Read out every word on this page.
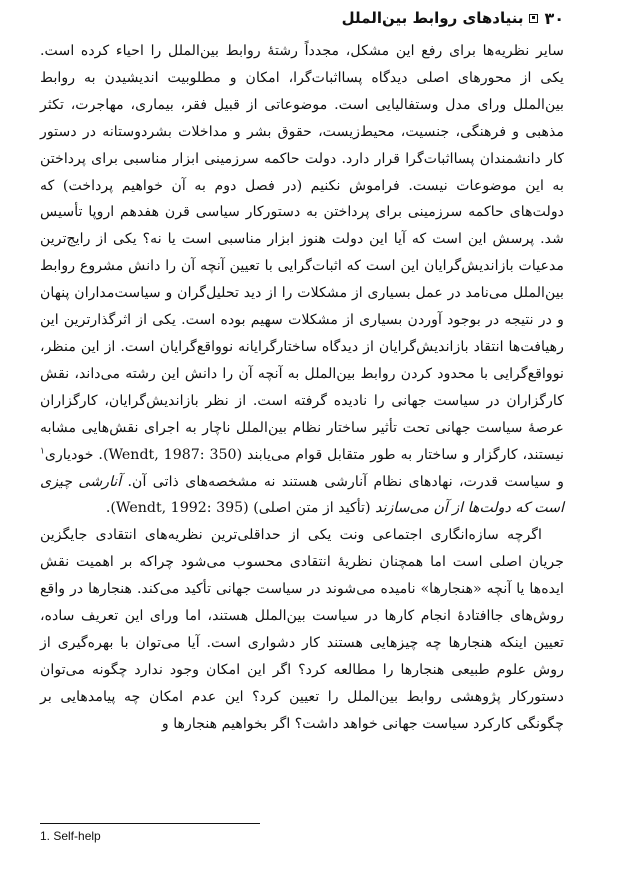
۳۰
بنیادهای روابط بین‌الملل

سایر نظریه‌ها برای رفع این مشکل، مجدداً رشتهٔ روابط بین‌الملل را احیاء کرده است. یکی از محورهای اصلی دیدگاه پسااثبات‌گرا، امکان و مطلوبیت اندیشیدن به روابط بین‌الملل ورای مدل وستفالیایی است. موضوعاتی از قبیل فقر، بیماری، مهاجرت، تکثر مذهبی و فرهنگی، جنسیت، محیط‌زیست، حقوق بشر و مداخلات بشردوستانه در دستور کار دانشمندان پسااثبات‌گرا قرار دارد. دولت حاکمه سرزمینی ابزار مناسبی برای پرداختن به این موضوعات نیست. فراموش نکنیم (در فصل دوم به آن خواهیم پرداخت) که دولت‌های حاکمه سرزمینی برای پرداختن به دستورکار سیاسی قرن هفدهم اروپا تأسیس شد. پرسش این است که آیا این دولت هنوز ابزار مناسبی است یا نه؟ یکی از رایج‌ترین مدعیات بازاندیش‌گرایان این است که اثبات‌گرایی با تعیین آنچه آن را دانش مشروع روابط بین‌الملل می‌نامد در عمل بسیاری از مشکلات را از دید تحلیل‌گران و سیاست‌مداران پنهان و در نتیجه در بوجود آوردن بسیاری از مشکلات سهیم بوده است. یکی از اثرگذارترین این رهیافت‌ها انتقاد بازاندیش‌گرایان از دیدگاه ساختارگرایانه نوواقع‌گرایان است. از این منظر، نوواقع‌گرایی با محدود کردن روابط بین‌الملل به آنچه آن را دانش این رشته می‌داند، نقش کارگزاران در سیاست جهانی را نادیده گرفته است. از نظر بازاندیش‌گرایان، کارگزاران عرصهٔ سیاست جهانی تحت تأثیر ساختار نظام بین‌الملل ناچار به اجرای نقش‌هایی مشابه نیستند، کارگزار و ساختار به طور متقابل قوام می‌یابند (Wendt, 1987: 350). خودیاری$^۱$ و سیاست قدرت، نهادهای نظام آنارشی هستند نه مشخصه‌های ذاتی آن. آنارشی چیزی است که دولت‌ها از آن می‌سازند (تأکید از متن اصلی) (Wendt, 1992: 395).

اگرچه سازه‌انگاری اجتماعی ونت یکی از حداقلی‌ترین نظریه‌های انتقادی جایگزین جریان اصلی است اما همچنان نظریهٔ انتقادی محسوب می‌شود چراکه بر اهمیت نقش ایده‌ها یا آنچه «هنجارها» نامیده می‌شوند در سیاست جهانی تأکید می‌کند. هنجارها در واقع روش‌های جاافتادهٔ انجام کارها در سیاست بین‌الملل هستند، اما ورای این تعریف ساده، تعیین اینکه هنجارها چه چیزهایی هستند کار دشواری است. آیا می‌توان با بهره‌گیری از روش علوم طبیعی هنجارها را مطالعه کرد؟ اگر این امکان وجود ندارد چگونه می‌توان دستورکار پژوهشی روابط بین‌الملل را تعیین کرد؟ این عدم امکان چه پیامدهایی بر چگونگی کارکرد سیاست جهانی خواهد داشت؟ اگر بخواهیم هنجارها و

1. Self-help
